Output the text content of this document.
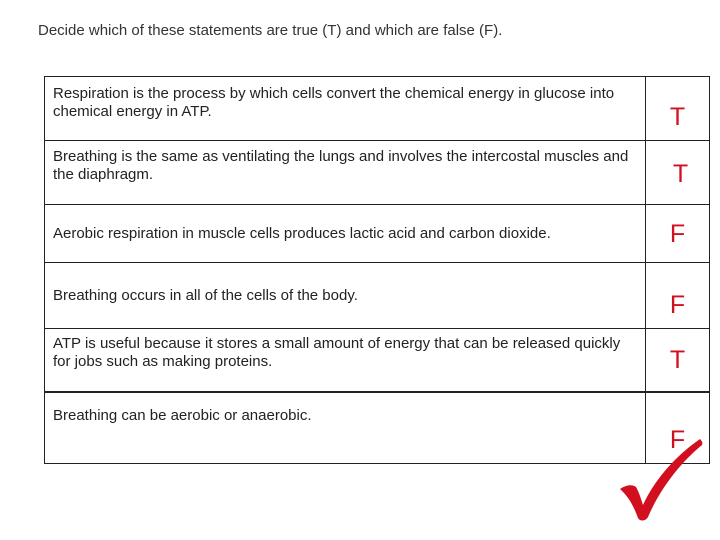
Decide which of these statements are true (T) and which are false (F).
Respiration is the process by which cells convert the chemical energy in glucose into chemical energy in ATP.	T
Breathing is the same as ventilating the lungs and involves the intercostal muscles and the diaphragm.	T
Aerobic respiration in muscle cells produces lactic acid and carbon dioxide.	F
Breathing occurs in all of the cells of the body.	F
ATP is useful because it stores a small amount of energy that can be released quickly for jobs such as making proteins.	T
Breathing can be aerobic or anaerobic.	F
